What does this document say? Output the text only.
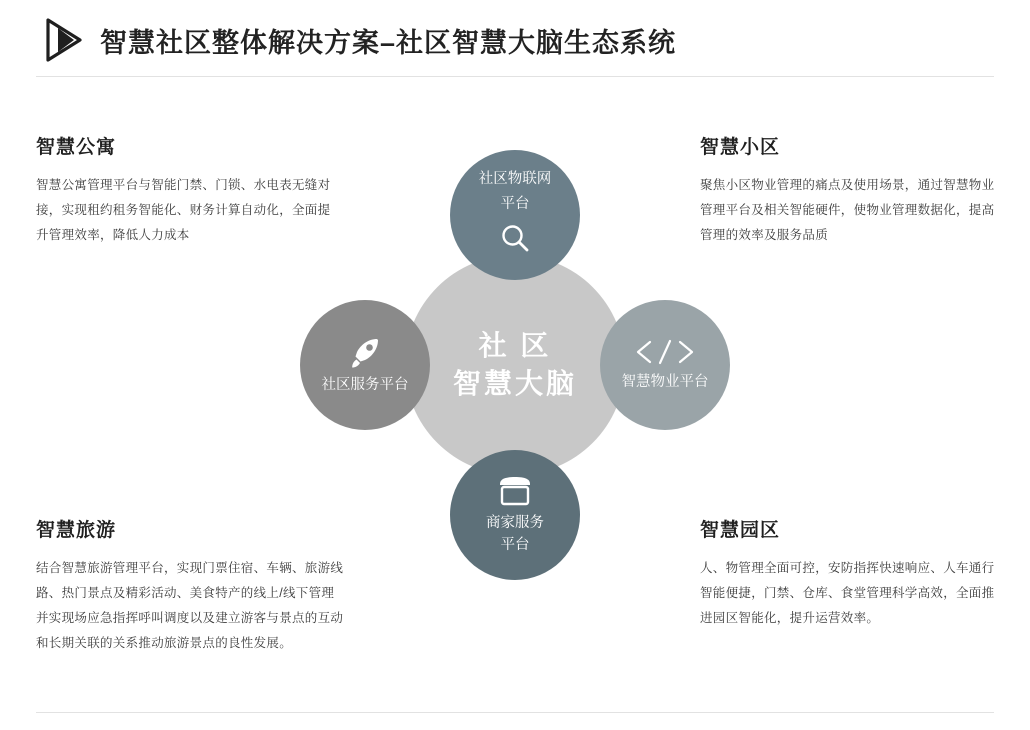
智慧社区整体解决方案–社区智慧大脑生态系统
智慧公寓
智慧公寓管理平台与智能门禁、门锁、水电表无缝对接，实现租约租务智能化、财务计算自动化，全面提升管理效率，降低人力成本
智慧小区
聚焦小区物业管理的痛点及使用场景，通过智慧物业管理平台及相关智能硬件，使物业管理数据化，提高管理的效率及服务品质
智慧旅游
结合智慧旅游管理平台，实现门票住宿、车辆、旅游线路、热门景点及精彩活动、美食特产的线上/线下管理并实现场应急指挥呼叫调度以及建立游客与景点的互动和长期关联的关系推动旅游景点的良性发展。
智慧园区
人、物管理全面可控，安防指挥快速响应、人车通行智能便捷，门禁、仓库、食堂管理科学高效，全面推进园区智能化，提升运营效率。
社 区
智慧大脑
社区物联网
平台
社区服务平台	智慧物业平台
商家服务
平台
